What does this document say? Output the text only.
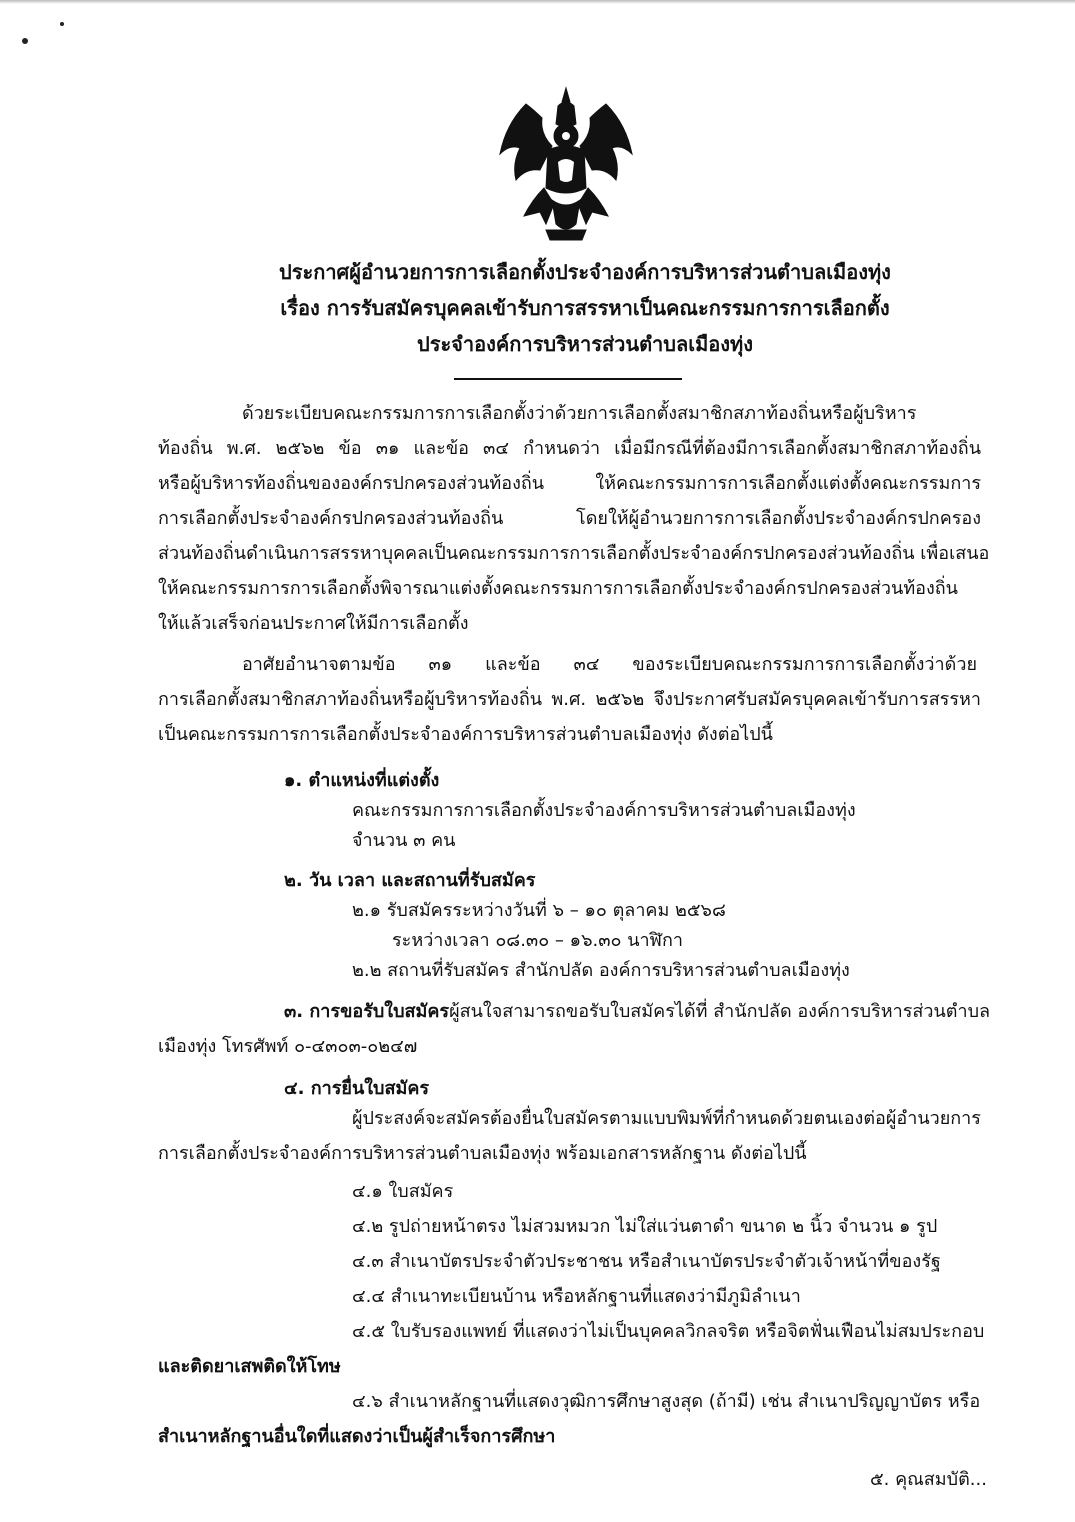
ประกาศผู้อำนวยการการเลือกตั้งประจำองค์การบริหารส่วนตำบลเมืองทุ่ง
เรื่อง การรับสมัครบุคคลเข้ารับการสรรหาเป็นคณะกรรมการการเลือกตั้ง
ประจำองค์การบริหารส่วนตำบลเมืองทุ่ง
ด้วยระเบียบคณะกรรมการการเลือกตั้งว่าด้วยการเลือกตั้งสมาชิกสภาท้องถิ่นหรือผู้บริหาร
ท้องถิ่น พ.ศ. ๒๕๖๒ ข้อ ๓๑ และข้อ ๓๔ กำหนดว่า เมื่อมีกรณีที่ต้องมีการเลือกตั้งสมาชิกสภาท้องถิ่น
หรือผู้บริหารท้องถิ่นขององค์กรปกครองส่วนท้องถิ่น ให้คณะกรรมการการเลือกตั้งแต่งตั้งคณะกรรมการ
การเลือกตั้งประจำองค์กรปกครองส่วนท้องถิ่น โดยให้ผู้อำนวยการการเลือกตั้งประจำองค์กรปกครอง
ส่วนท้องถิ่นดำเนินการสรรหาบุคคลเป็นคณะกรรมการการเลือกตั้งประจำองค์กรปกครองส่วนท้องถิ่น เพื่อเสนอ
ให้คณะกรรมการการเลือกตั้งพิจารณาแต่งตั้งคณะกรรมการการเลือกตั้งประจำองค์กรปกครองส่วนท้องถิ่น
ให้แล้วเสร็จก่อนประกาศให้มีการเลือกตั้ง
อาศัยอำนาจตามข้อ ๓๑ และข้อ ๓๔ ของระเบียบคณะกรรมการการเลือกตั้งว่าด้วย
การเลือกตั้งสมาชิกสภาท้องถิ่นหรือผู้บริหารท้องถิ่น พ.ศ. ๒๕๖๒ จึงประกาศรับสมัครบุคคลเข้ารับการสรรหา
เป็นคณะกรรมการการเลือกตั้งประจำองค์การบริหารส่วนตำบลเมืองทุ่ง ดังต่อไปนี้
๑. ตำแหน่งที่แต่งตั้ง
คณะกรรมการการเลือกตั้งประจำองค์การบริหารส่วนตำบลเมืองทุ่ง
จำนวน ๓ คน
๒. วัน เวลา และสถานที่รับสมัคร
๒.๑ รับสมัครระหว่างวันที่ ๖ – ๑๐ ตุลาคม ๒๕๖๘
ระหว่างเวลา ๐๘.๓๐ – ๑๖.๓๐ นาฬิกา
๒.๒ สถานที่รับสมัคร สำนักปลัด องค์การบริหารส่วนตำบลเมืองทุ่ง
๓. การขอรับใบสมัคร ผู้สนใจสามารถขอรับใบสมัครได้ที่ สำนักปลัด องค์การบริหารส่วนตำบล
เมืองทุ่ง โทรศัพท์ ๐-๔๓๐๓-๐๒๔๗
๔. การยื่นใบสมัคร
ผู้ประสงค์จะสมัครต้องยื่นใบสมัครตามแบบพิมพ์ที่กำหนดด้วยตนเองต่อผู้อำนวยการ
การเลือกตั้งประจำองค์การบริหารส่วนตำบลเมืองทุ่ง พร้อมเอกสารหลักฐาน ดังต่อไปนี้
๔.๑ ใบสมัคร
๔.๒ รูปถ่ายหน้าตรง ไม่สวมหมวก ไม่ใส่แว่นตาดำ ขนาด ๒ นิ้ว จำนวน ๑ รูป
๔.๓ สำเนาบัตรประจำตัวประชาชน หรือสำเนาบัตรประจำตัวเจ้าหน้าที่ของรัฐ
๔.๔ สำเนาทะเบียนบ้าน หรือหลักฐานที่แสดงว่ามีภูมิลำเนา
๔.๕ ใบรับรองแพทย์ ที่แสดงว่าไม่เป็นบุคคลวิกลจริต หรือจิตฟั่นเฟือนไม่สมประกอบ
และติดยาเสพติดให้โทษ
๔.๖ สำเนาหลักฐานที่แสดงวุฒิการศึกษาสูงสุด (ถ้ามี) เช่น สำเนาปริญญาบัตร หรือ
สำเนาหลักฐานอื่นใดที่แสดงว่าเป็นผู้สำเร็จการศึกษา
๕. คุณสมบัติ...
